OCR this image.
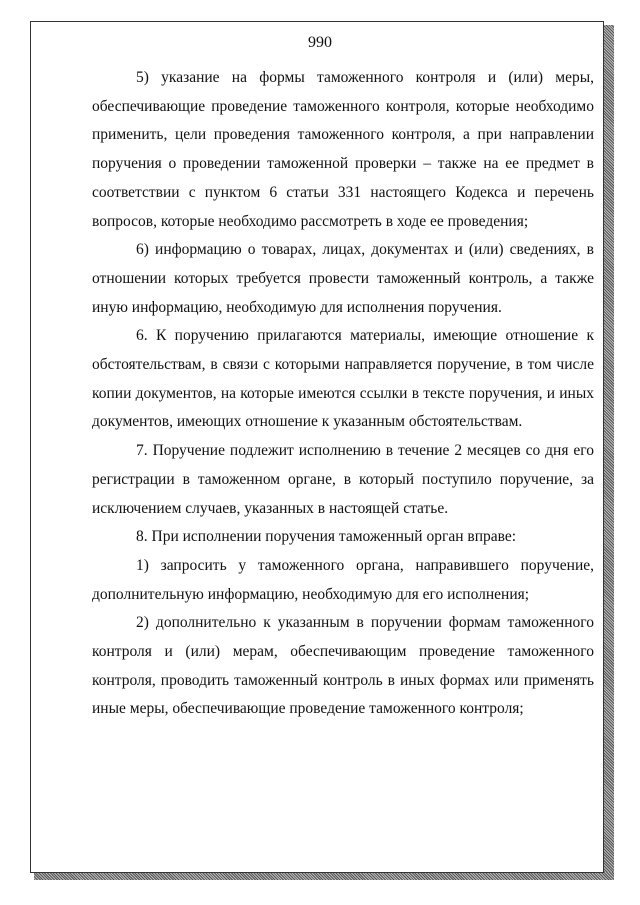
990

5) указание на формы таможенного контроля и (или) меры, обеспечивающие проведение таможенного контроля, которые необходимо применить, цели проведения таможенного контроля, а при направлении поручения о проведении таможенной проверки – также на ее предмет в соответствии с пунктом 6 статьи 331 настоящего Кодекса и перечень вопросов, которые необходимо рассмотреть в ходе ее проведения;

6) информацию о товарах, лицах, документах и (или) сведениях, в отношении которых требуется провести таможенный контроль, а также иную информацию, необходимую для исполнения поручения.

6. К поручению прилагаются материалы, имеющие отношение к обстоятельствам, в связи с которыми направляется поручение, в том числе копии документов, на которые имеются ссылки в тексте поручения, и иных документов, имеющих отношение к указанным обстоятельствам.

7. Поручение подлежит исполнению в течение 2 месяцев со дня его регистрации в таможенном органе, в который поступило поручение, за исключением случаев, указанных в настоящей статье.

8. При исполнении поручения таможенный орган вправе:

1) запросить у таможенного органа, направившего поручение, дополнительную информацию, необходимую для его исполнения;

2) дополнительно к указанным в поручении формам таможенного контроля и (или) мерам, обеспечивающим проведение таможенного контроля, проводить таможенный контроль в иных формах или применять иные меры, обеспечивающие проведение таможенного контроля;
